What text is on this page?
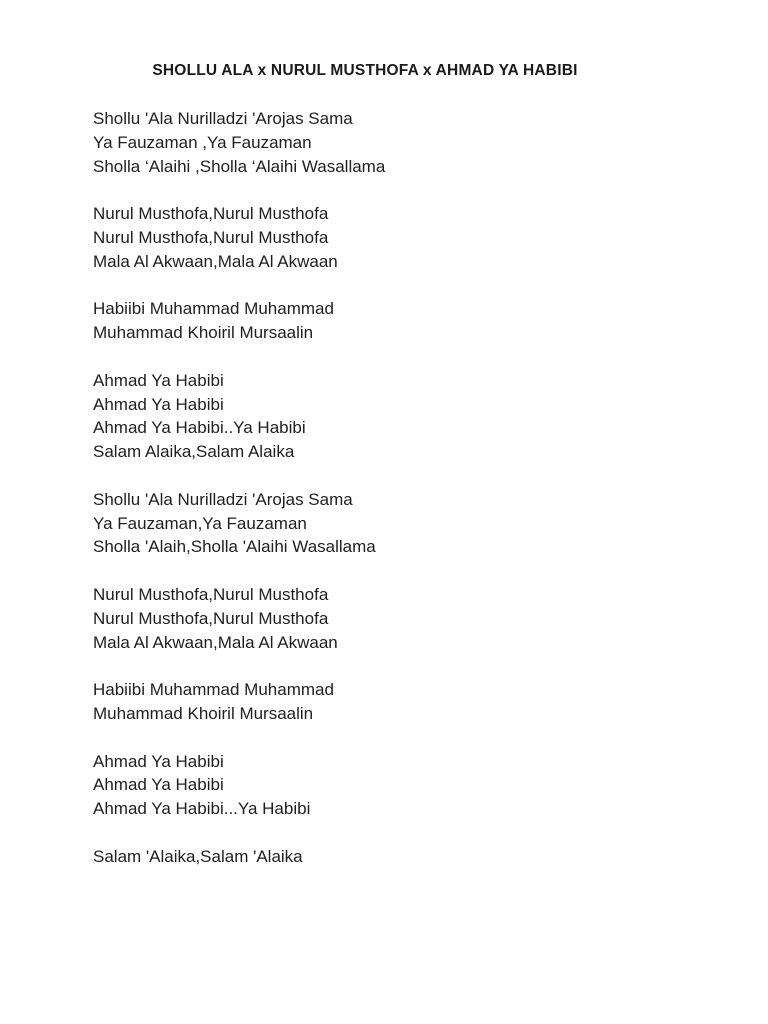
SHOLLU ALA x NURUL MUSTHOFA x AHMAD YA HABIBI

Shollu 'Ala Nurilladzi 'Arojas Sama

Ya Fauzaman ,Ya Fauzaman

Sholla ‘Alaihi ,Sholla ‘Alaihi Wasallama

Nurul Musthofa,Nurul Musthofa

Nurul Musthofa,Nurul Musthofa

Mala Al Akwaan,Mala Al Akwaan

Habiibi Muhammad Muhammad

Muhammad Khoiril Mursaalin

Ahmad Ya Habibi

Ahmad Ya Habibi

Ahmad Ya Habibi..Ya Habibi

Salam Alaika,Salam Alaika

Shollu 'Ala Nurilladzi 'Arojas Sama

Ya Fauzaman,Ya Fauzaman

Sholla 'Alaih,Sholla 'Alaihi Wasallama

Nurul Musthofa,Nurul Musthofa

Nurul Musthofa,Nurul Musthofa

Mala Al Akwaan,Mala Al Akwaan

Habiibi Muhammad Muhammad

Muhammad Khoiril Mursaalin

Ahmad Ya Habibi

Ahmad Ya Habibi

Ahmad Ya Habibi...Ya Habibi

Salam 'Alaika,Salam 'Alaika
